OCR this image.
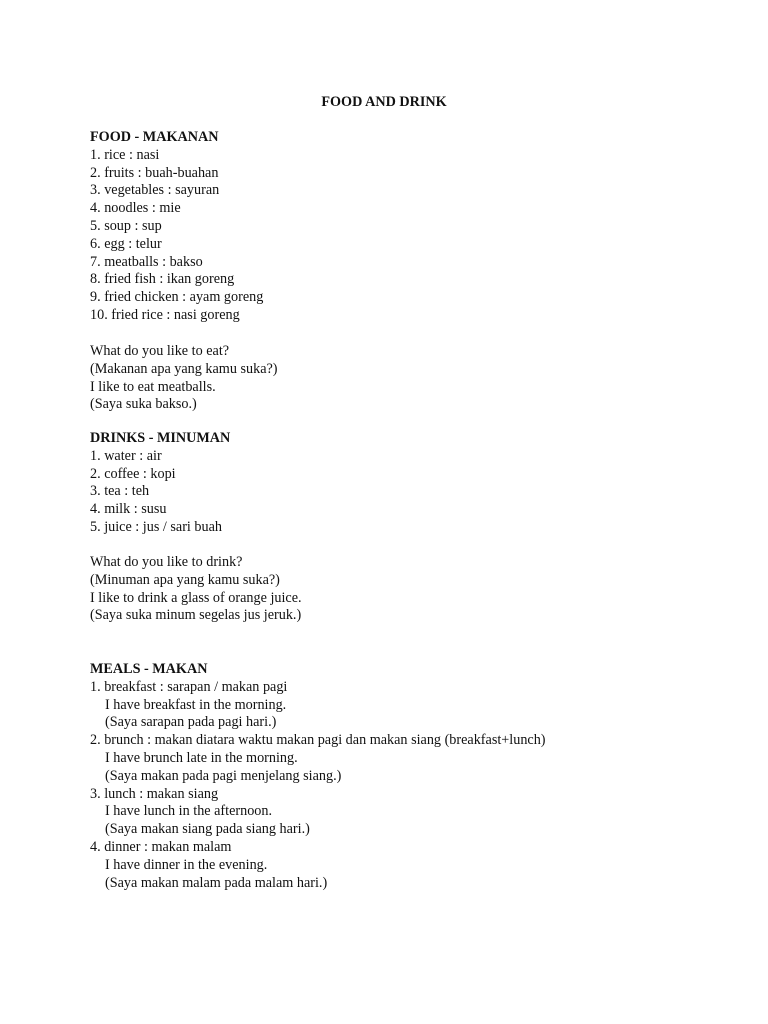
FOOD AND DRINK
FOOD - MAKANAN
1. rice : nasi
2. fruits : buah-buahan
3. vegetables : sayuran
4. noodles : mie
5. soup : sup
6. egg : telur
7. meatballs : bakso
8. fried fish : ikan goreng
9. fried chicken : ayam goreng
10. fried rice : nasi goreng
What do you like to eat?
(Makanan apa yang kamu suka?)
I like to eat meatballs.
(Saya suka bakso.)
DRINKS - MINUMAN
1. water : air
2. coffee : kopi
3. tea : teh
4. milk : susu
5. juice : jus / sari buah
What do you like to drink?
(Minuman apa yang kamu suka?)
I like to drink a glass of orange juice.
(Saya suka minum segelas jus jeruk.)
MEALS - MAKAN
1. breakfast : sarapan / makan pagi
I have breakfast in the morning.
(Saya sarapan pada pagi hari.)
2. brunch : makan diatara waktu makan pagi dan makan siang (breakfast+lunch)
I have brunch late in the morning.
(Saya makan pada pagi menjelang siang.)
3. lunch : makan siang
I have lunch in the afternoon.
(Saya makan siang pada siang hari.)
4. dinner : makan malam
I have dinner in the evening.
(Saya makan malam pada malam hari.)
